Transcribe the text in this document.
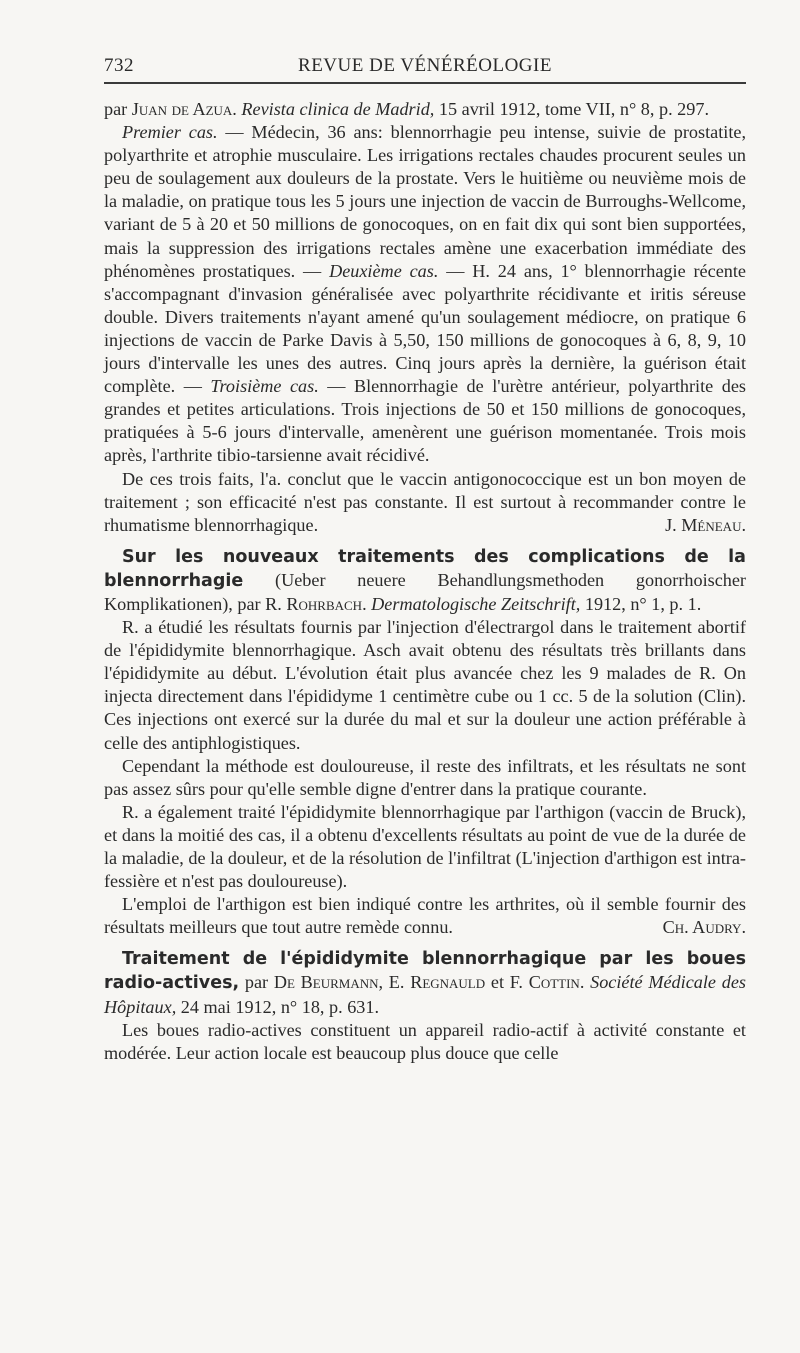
732	REVUE DE VÉNÉRÉOLOGIE

par Juan de Azua. Revista clinica de Madrid, 15 avril 1912, tome VII, n° 8, p. 297.

Premier cas. — Médecin, 36 ans: blennorrhagie peu intense, suivie de prostatite, polyarthrite et atrophie musculaire. Les irrigations rectales chaudes procurent seules un peu de soulagement aux douleurs de la prostate. Vers le huitième ou neuvième mois de la maladie, on pratique tous les 5 jours une injection de vaccin de Burroughs-Wellcome, variant de 5 à 20 et 50 millions de gonocoques, on en fait dix qui sont bien supportées, mais la suppression des irrigations rectales amène une exacerbation immédiate des phénomènes prostatiques. — Deuxième cas. — H. 24 ans, 1° blennorrhagie récente s'accompagnant d'invasion généralisée avec polyarthrite récidivante et iritis séreuse double. Divers traitements n'ayant amené qu'un soulagement médiocre, on pratique 6 injections de vaccin de Parke Davis à 5,50, 150 millions de gonocoques à 6, 8, 9, 10 jours d'intervalle les unes des autres. Cinq jours après la dernière, la guérison était complète. — Troisième cas. — Blennorrhagie de l'urètre antérieur, polyarthrite des grandes et petites articulations. Trois injections de 50 et 150 millions de gonocoques, pratiquées à 5-6 jours d'intervalle, amenèrent une guérison momentanée. Trois mois après, l'arthrite tibio-tarsienne avait récidivé.

De ces trois faits, l'a. conclut que le vaccin antigonococcique est un bon moyen de traitement ; son efficacité n'est pas constante. Il est surtout à recommander contre le rhumatisme blennorrhagique.	J. Méneau.

Sur les nouveaux traitements des complications de la blennorrhagie (Ueber neuere Behandlungsmethoden gonorrhoischer Komplikationen), par R. Rohrbach. Dermatologische Zeitschrift, 1912, n° 1, p. 1.

R. a étudié les résultats fournis par l'injection d'électrargol dans le traitement abortif de l'épididymite blennorrhagique. Asch avait obtenu des résultats très brillants dans l'épididymite au début. L'évolution était plus avancée chez les 9 malades de R. On injecta directement dans l'épididyme 1 centimètre cube ou 1 cc. 5 de la solution (Clin). Ces injections ont exercé sur la durée du mal et sur la douleur une action préférable à celle des antiphlogistiques.

Cependant la méthode est douloureuse, il reste des infiltrats, et les résultats ne sont pas assez sûrs pour qu'elle semble digne d'entrer dans la pratique courante.

R. a également traité l'épididymite blennorrhagique par l'arthigon (vaccin de Bruck), et dans la moitié des cas, il a obtenu d'excellents résultats au point de vue de la durée de la maladie, de la douleur, et de la résolution de l'infiltrat (L'injection d'arthigon est intra-fessière et n'est pas douloureuse).

L'emploi de l'arthigon est bien indiqué contre les arthrites, où il semble fournir des résultats meilleurs que tout autre remède connu.	Ch. Audry.

Traitement de l'épididymite blennorrhagique par les boues radio-actives, par De Beurmann, E. Regnauld et F. Cottin. Société Médicale des Hôpitaux, 24 mai 1912, n° 18, p. 631.

Les boues radio-actives constituent un appareil radio-actif à activité constante et modérée. Leur action locale est beaucoup plus douce que celle
